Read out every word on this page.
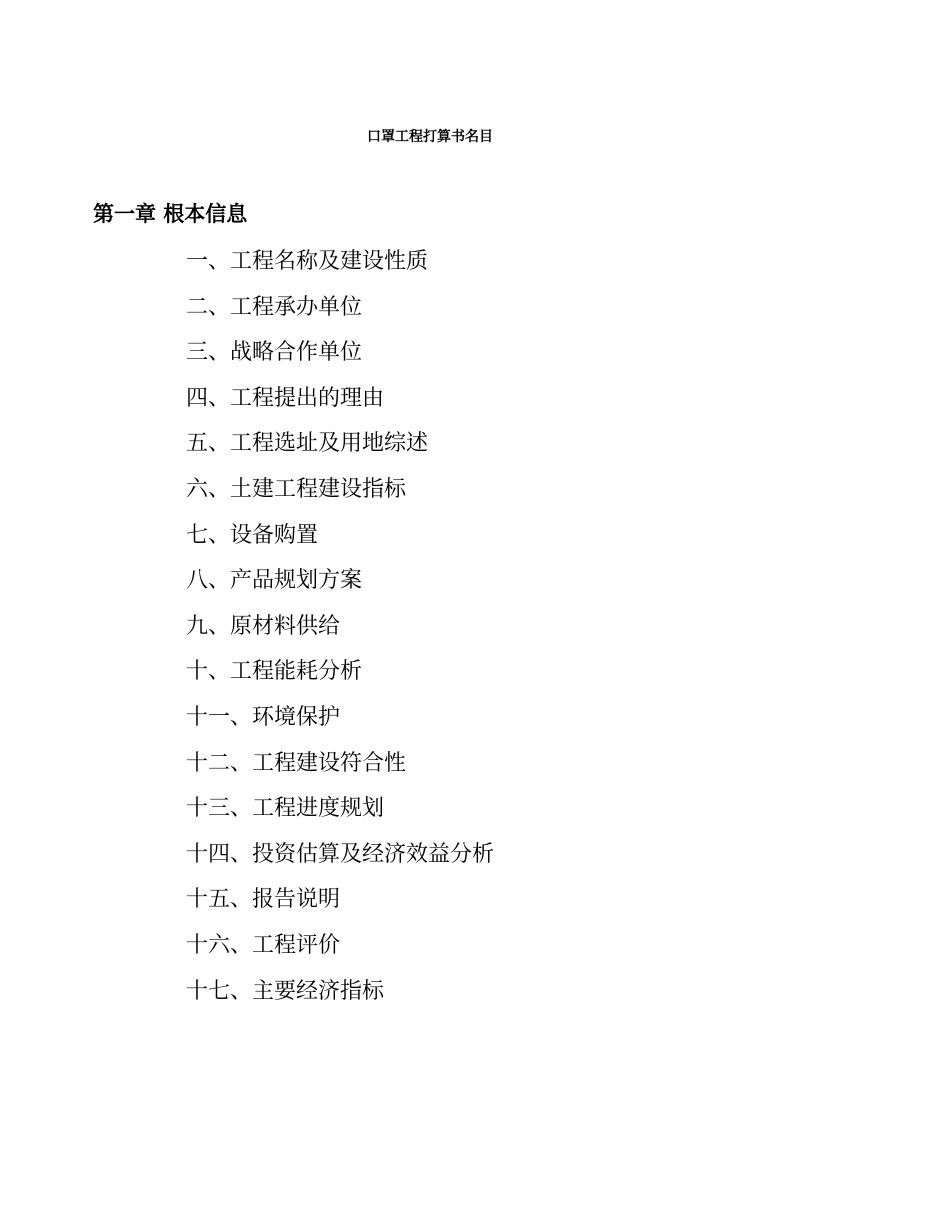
口罩工程打算书名目
第一章 根本信息
一、工程名称及建设性质
二、工程承办单位
三、战略合作单位
四、工程提出的理由
五、工程选址及用地综述
六、土建工程建设指标
七、设备购置
八、产品规划方案
九、原材料供给
十、工程能耗分析
十一、环境保护
十二、工程建设符合性
十三、工程进度规划
十四、投资估算及经济效益分析
十五、报告说明
十六、工程评价
十七、主要经济指标
